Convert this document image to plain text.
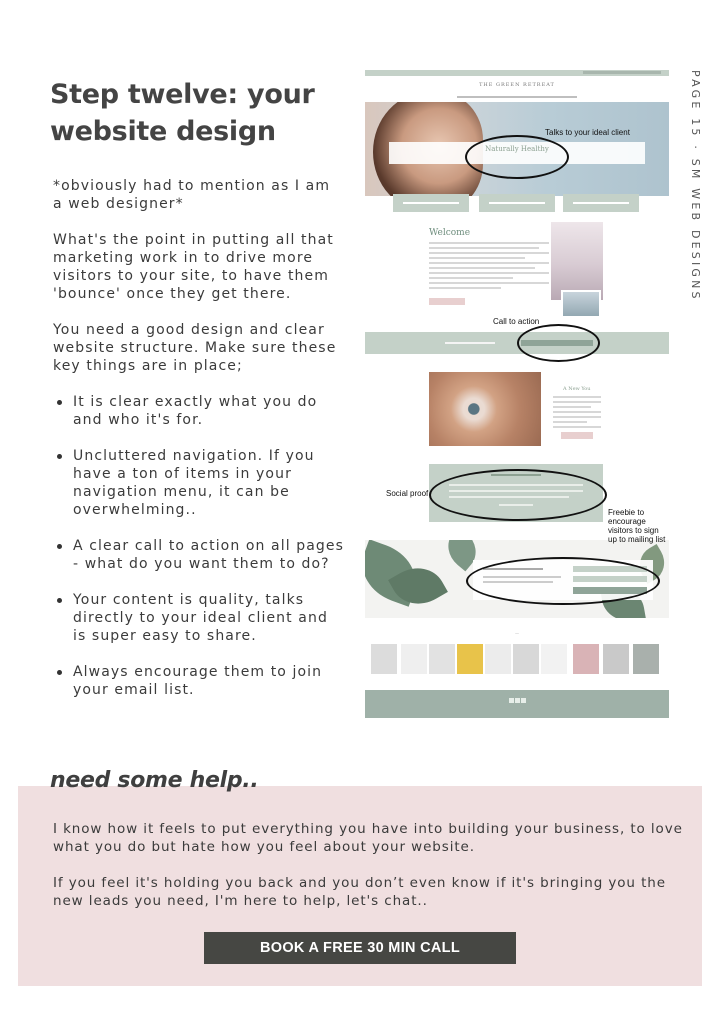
Step twelve: your website design	PAGE 15 · SM WEB DESIGNS

*obviously had to mention as I am a web designer*

What's the point in putting all that marketing work in to drive more visitors to your site, to have them 'bounce' once they get there.

You need a good design and clear website structure. Make sure these key things are in place;

It is clear exactly what you do and who it's for.
Uncluttered navigation. If you have a ton of items in your navigation menu, it can be overwhelming..
A clear call to action on all pages - what do you want them to do?
Your content is quality, talks directly to your ideal client and is super easy to share.
Always encourage them to join your email list.
THE GREEN RETREAT
Naturally Healthy
Welcome
A New You
—
Talks to your ideal client
Call to action
Social proof
Freebie to encourage visitors to sign up to mailing list
need some help..

I know how it feels to put everything you have into building your business, to love what you do but hate how you feel about your website.

If you feel it's holding you back and you don’t even know if it's bringing you the new leads you need, I'm here to help, let's chat..

BOOK A FREE 30 MIN CALL
